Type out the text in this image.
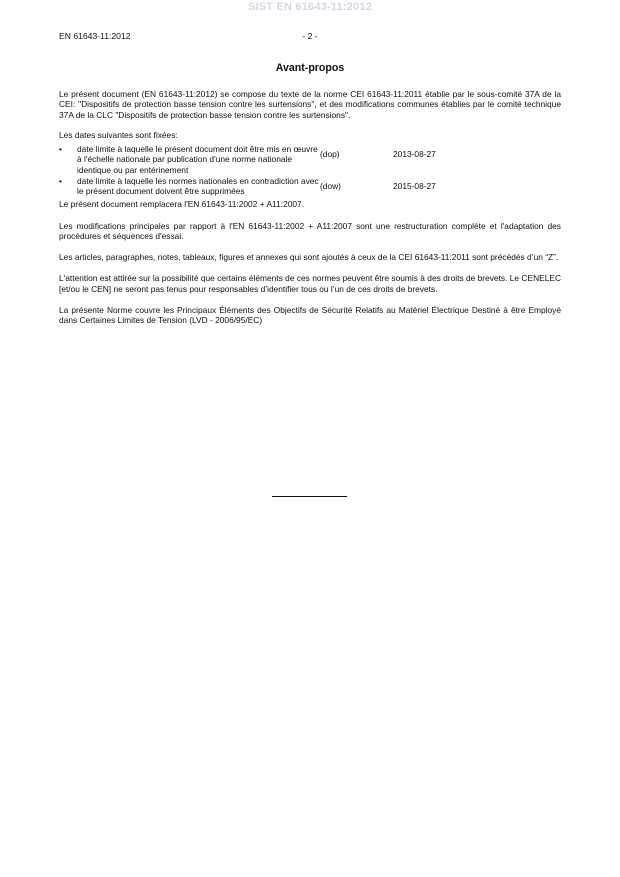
SIST EN 61643-11:2012
EN 61643-11:2012	- 2 -
Avant-propos

Le présent document (EN 61643-11:2012) se compose du texte de la norme CEI 61643-11:2011 établie par le sous-comité 37A de la CEI: "Dispositifs de protection basse tension contre les surtensions", et des modifications communes établies par le comité technique 37A de la CLC "Dispositifs de protection basse tension contre les surtensions".

Les dates suivantes sont fixées:

•	date limite à laquelle le présent document doit être mis en œuvre à l'échelle nationale par publication d'une norme nationale identique ou par entérinement
(dop)	2013-08-27
•	date limite à laquelle les normes nationales en contradiction avec le présent document doivent être supprimées
(dow)	2015-08-27

Le présent document remplacera l'EN 61643-11:2002 + A11:2007.

Les modifications principales par rapport à l'EN 61643-11:2002 + A11:2007 sont une restructuration complète et l'adaptation des procédures et séquences d'essai.

Les articles, paragraphes, notes, tableaux, figures et annexes qui sont ajoutés à ceux de la CEI 61643-11:2011 sont précédés d’un “Z”.

L'attention est attirée sur la possibilité que certains éléments de ces normes peuvent être soumis à des droits de brevets. Le CENELEC [et/ou le CEN] ne seront pas tenus pour responsables d’identifier tous ou l’un de ces droits de brevets.

La présente Norme couvre les Principaux Éléments des Objectifs de Sécurité Relatifs au Matériel Électrique Destiné à être Employé dans Certaines Limites de Tension (LVD - 2006/95/EC)
